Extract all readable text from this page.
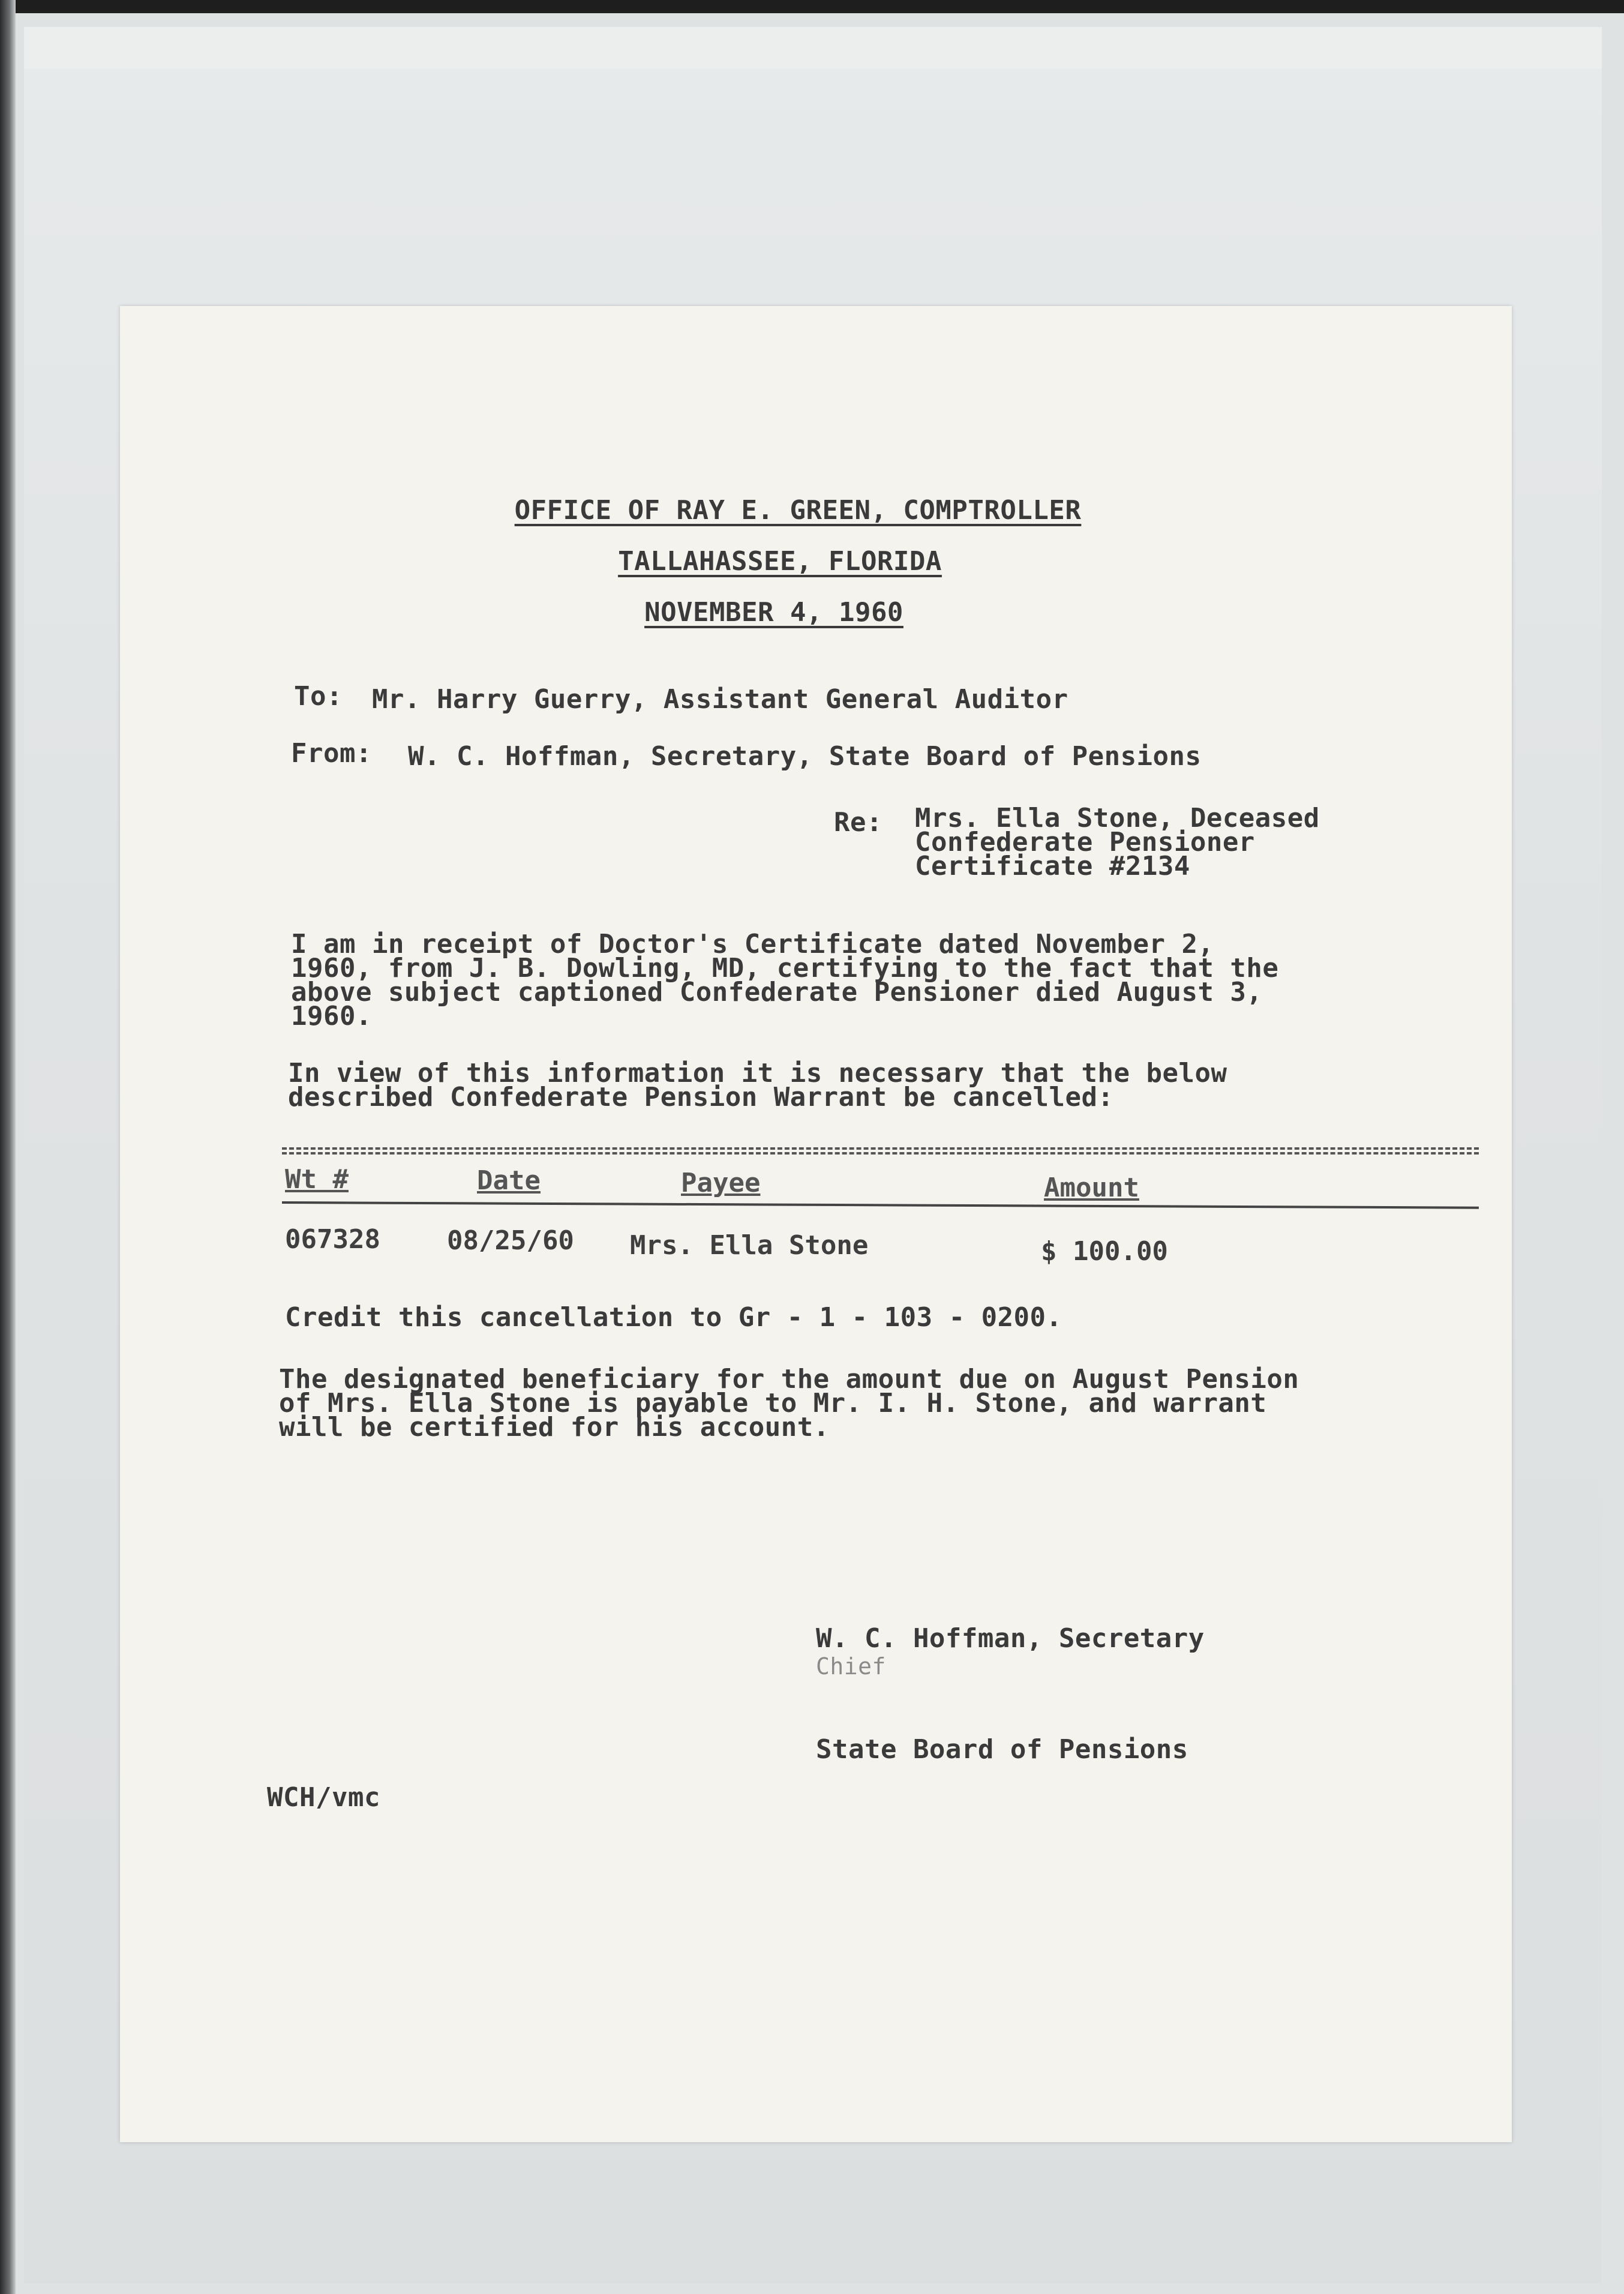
OFFICE OF RAY E. GREEN, COMPTROLLER
TALLAHASSEE, FLORIDA
NOVEMBER 4, 1960
To: Mr. Harry Guerry, Assistant General Auditor
From: W. C. Hoffman, Secretary, State Board of Pensions
Re: Mrs. Ella Stone, Deceased
Confederate Pensioner
Certificate #2134
I am in receipt of Doctor's Certificate dated November 2,
1960, from J. B. Dowling, MD, certifying to the fact that the
above subject captioned Confederate Pensioner died August 3,
1960.
In view of this information it is necessary that the below
described Confederate Pension Warrant be cancelled:
Wt #	Date	Payee	Amount
067328	08/25/60 Mrs. Ella Stone	$ 100.00
Credit this cancellation to Gr - 1 - 103 - 0200.
The designated beneficiary for the amount due on August Pension
of Mrs. Ella Stone is payable to Mr. I. H. Stone, and warrant
will be certified for his account.
W. C. Hoffman, Secretary
Chief
State Board of Pensions
WCH/vmc
